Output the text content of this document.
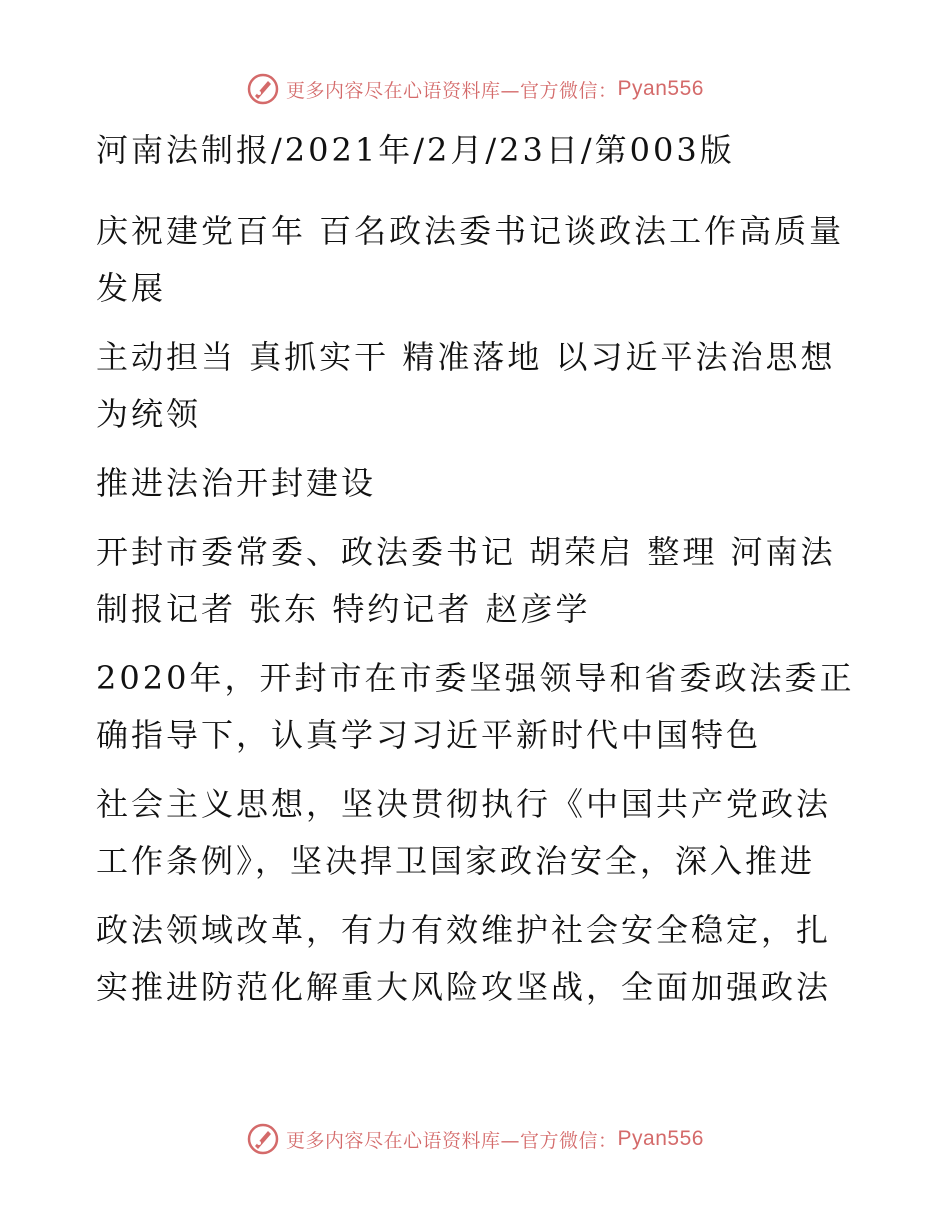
更多内容尽在心语资料库—官方微信： Pyan556

河南法制报/2021年/2月/23日/第003版

庆祝建党百年 百名政法委书记谈政法工作高质量发展

主动担当 真抓实干 精准落地 以习近平法治思想为统领

推进法治开封建设

开封市委常委、政法委书记 胡荣启 整理 河南法制报记者 张东 特约记者 赵彦学

2020年，开封市在市委坚强领导和省委政法委正确指导下，认真学习习近平新时代中国特色

社会主义思想，坚决贯彻执行《中国共产党政法工作条例》，坚决捍卫国家政治安全，深入推进

政法领域改革，有力有效维护社会安全稳定，扎实推进防范化解重大风险攻坚战，全面加强政法

更多内容尽在心语资料库—官方微信： Pyan556
